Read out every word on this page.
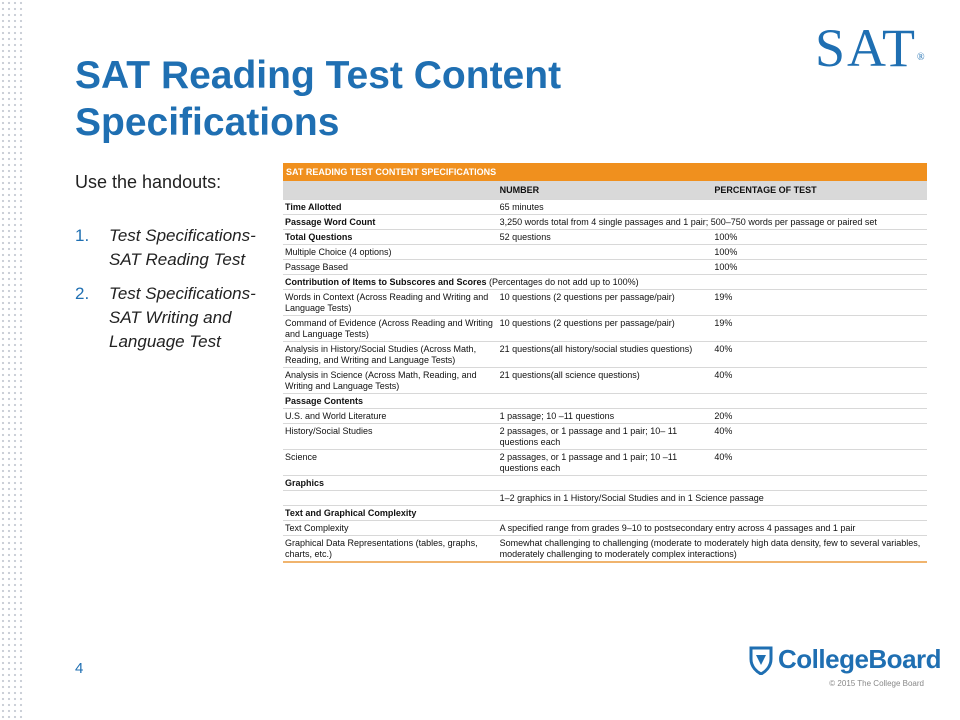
SAT Reading Test Content Specifications
SAT®
Use the handouts:
1. Test Specifications- SAT Reading Test
2. Test Specifications- SAT Writing and Language Test
SAT READING TEST CONTENT SPECIFICATIONS		
	NUMBER	PERCENTAGE OF TEST
Time Allotted	65 minutes	
Passage Word Count	3,250 words total from 4 single passages and 1 pair; 500–750 words per passage or paired set	
Total Questions	52 questions	100%
Multiple Choice (4 options)		100%
Passage Based		100%
Contribution of Items to Subscores and Scores (Percentages do not add up to 100%)		
Words in Context (Across Reading and Writing and Language Tests)	10 questions (2 questions per passage/pair)	19%
Command of Evidence (Across Reading and Writing and Language Tests)	10 questions (2 questions per passage/pair)	19%
Analysis in History/Social Studies (Across Math, Reading, and Writing and Language Tests)	21 questions(all history/social studies questions)	40%
Analysis in Science (Across Math, Reading, and Writing and Language Tests)	21 questions(all science questions)	40%
Passage Contents		
U.S. and World Literature	1 passage; 10 –11 questions	20%
History/Social Studies	2 passages, or 1 passage and 1 pair; 10– 11 questions each	40%
Science	2 passages, or 1 passage and 1 pair; 10 –11 questions each	40%
Graphics		
	1–2 graphics in 1 History/Social Studies and in 1 Science passage	
Text and Graphical Complexity		
Text Complexity	A specified range from grades 9–10 to postsecondary entry across 4 passages and 1 pair	
Graphical Data Representations (tables, graphs, charts, etc.)	Somewhat challenging to challenging (moderate to moderately high data density, few to several variables, moderately challenging to moderately complex interactions)	
4	CollegeBoard
© 2015 The College Board
